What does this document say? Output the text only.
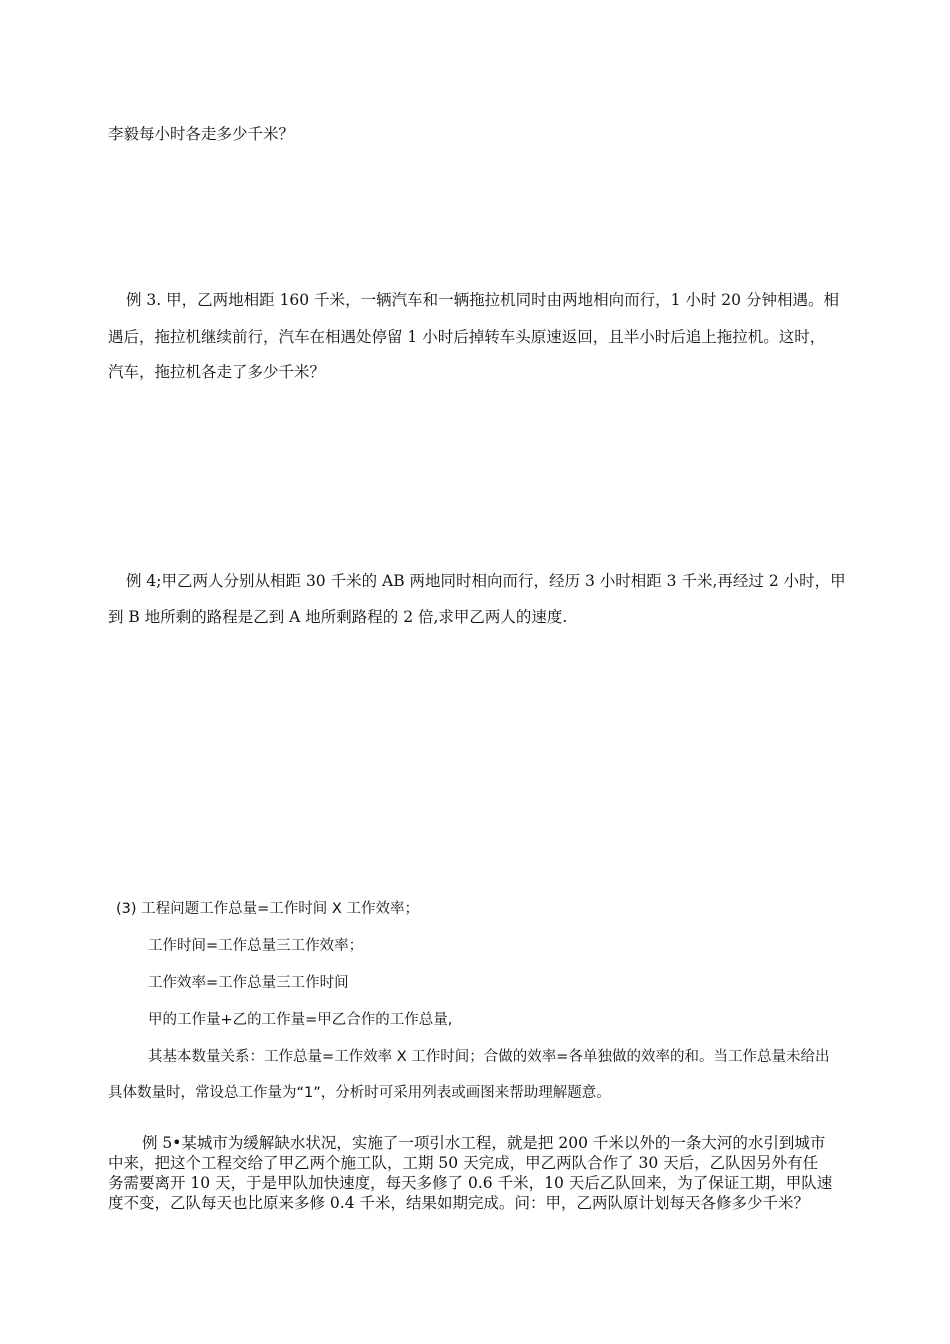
李毅每小时各走多少千米？
例 3. 甲，乙两地相距 160 千米，一辆汽车和一辆拖拉机同时由两地相向而行，1 小时 20 分钟相遇。相
遇后，拖拉机继续前行，汽车在相遇处停留 1 小时后掉转车头原速返回，且半小时后追上拖拉机。这时，
汽车，拖拉机各走了多少千米？
例 4;甲乙两人分别从相距 30 千米的 AB 两地同时相向而行，经历 3 小时相距 3 千米,再经过 2 小时，甲
到 B 地所剩的路程是乙到 A 地所剩路程的 2 倍,求甲乙两人的速度.
(3) 工程问题工作总量=工作时间 X 工作效率；
工作时间=工作总量三工作效率；
工作效率=工作总量三工作时间
甲的工作量+乙的工作量=甲乙合作的工作总量,
其基本数量关系：工作总量=工作效率 X 工作时间；合做的效率=各单独做的效率的和。当工作总量未给出
具体数量时，常设总工作量为“1”，分析时可采用列表或画图来帮助理解题意。
例 5•某城市为缓解缺水状况，实施了一项引水工程，就是把 200 千米以外的一条大河的水引到城市
中来，把这个工程交给了甲乙两个施工队，工期 50 天完成，甲乙两队合作了 30 天后，乙队因另外有任
务需要离开 10 天，于是甲队加快速度，每天多修了 0.6 千米，10 天后乙队回来，为了保证工期，甲队速
度不变，乙队每天也比原来多修 0.4 千米，结果如期完成。问：甲，乙两队原计划每天各修多少千米？
